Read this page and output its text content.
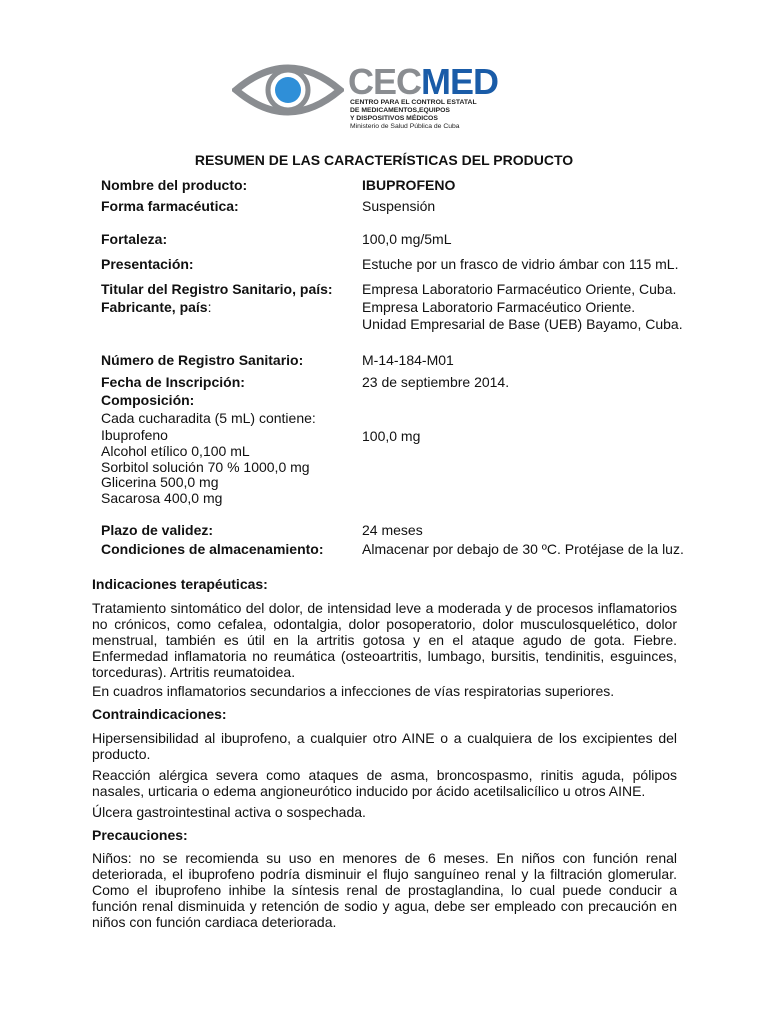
CECMED
CENTRO PARA EL CONTROL ESTATAL
DE MEDICAMENTOS,EQUIPOS
Y DISPOSITIVOS MÉDICOS
Ministerio de Salud Pública de Cuba
RESUMEN DE LAS CARACTERÍSTICAS DEL PRODUCTO
Nombre del producto:	IBUPROFENO
Forma farmacéutica:	Suspensión
Fortaleza:	100,0 mg/5mL
Presentación:	Estuche por un frasco de vidrio ámbar con 115 mL.
Titular del Registro Sanitario, país: Empresa Laboratorio Farmacéutico Oriente, Cuba.
Fabricante, país:	Empresa Laboratorio Farmacéutico Oriente.
Unidad Empresarial de Base (UEB) Bayamo, Cuba.
Número de Registro Sanitario:	M-14-184-M01
Fecha de Inscripción:	23 de septiembre 2014.
Composición:
Cada cucharadita (5 mL) contiene:
Ibuprofeno	100,0 mg
Alcohol etílico 0,100 mL
Sorbitol solución 70 % 1000,0 mg
Glicerina 500,0 mg
Sacarosa 400,0 mg
Plazo de validez:	24 meses
Condiciones de almacenamiento:	Almacenar por debajo de 30 ºC. Protéjase de la luz.
Indicaciones terapéuticas:
Tratamiento sintomático del dolor, de intensidad leve a moderada y de procesos inflamatorios no crónicos, como cefalea, odontalgia, dolor posoperatorio, dolor musculosquelético, dolor menstrual, también es útil en la artritis gotosa y en el ataque agudo de gota. Fiebre. Enfermedad inflamatoria no reumática (osteoartritis, lumbago, bursitis, tendinitis, esguinces, torceduras). Artritis reumatoidea.
En cuadros inflamatorios secundarios a infecciones de vías respiratorias superiores.
Contraindicaciones:
Hipersensibilidad al ibuprofeno, a cualquier otro AINE o a cualquiera de los excipientes del producto.
Reacción alérgica severa como ataques de asma, broncospasmo, rinitis aguda, pólipos nasales, urticaria o edema angioneurótico inducido por ácido acetilsalicílico u otros AINE.
Úlcera gastrointestinal activa o sospechada.
Precauciones:
Niños: no se recomienda su uso en menores de 6 meses. En niños con función renal deteriorada, el ibuprofeno podría disminuir el flujo sanguíneo renal y la filtración glomerular. Como el ibuprofeno inhibe la síntesis renal de prostaglandina, lo cual puede conducir a función renal disminuida y retención de sodio y agua, debe ser empleado con precaución en niños con función cardiaca deteriorada.
